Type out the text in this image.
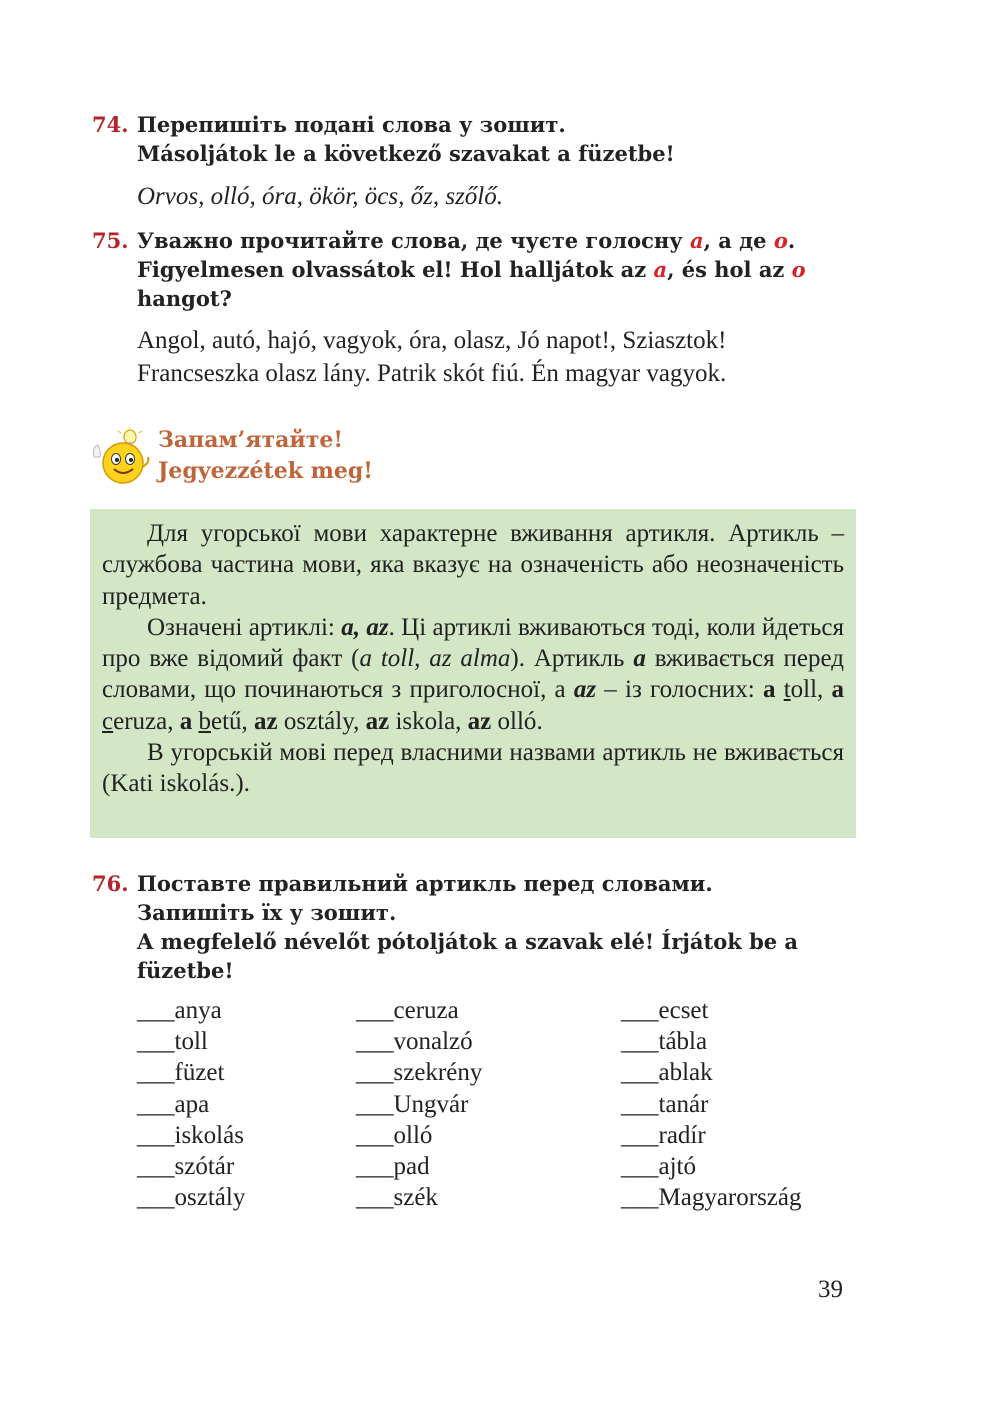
74. Перепишіть подані слова у зошит.
Másoljátok le a következő szavakat a füzetbe!
Orvos, olló, óra, ökör, öcs, őz, szőlő.
75. Уважно прочитайте слова, де чуєте голосну a, а де o.
Figyelmesen olvassátok el! Hol halljátok az a, és hol az o
hangot?
Angol, autó, hajó, vagyok, óra, olasz, Jó napot!, Sziasztok!
Francseszka olasz lány. Patrik skót fiú. Én magyar vagyok.
Запам’ятайте!
Jegyezzétek meg!

Для угорської мови характерне вживання артикля. Артикль – службова частина мови, яка вказує на означеність або неозначеність предмета.

Означені артиклі: a, az. Ці артиклі вживаються тоді, коли йдеться про вже відомий факт (a toll, az alma). Артикль a вживається перед словами, що починаються з приголосної, а az – із голосних: a toll, a ceruza, a betű, az osztály, az iskola, az olló.

В угорській мові перед власними назвами артикль не вживається (Kati iskolás.).

76. Поставте правильний артикль перед словами.
Запишіть їх у зошит.
A megfelelő névelőt pótoljátok a szavak elé! Írjátok be a
füzetbe!
___anya
___toll
___füzet
___apa
___iskolás
___szótár
___osztály
___ceruza
___vonalzó
___szekrény
___Ungvár
___olló
___pad
___szék
___ecset
___tábla
___ablak
___tanár
___radír
___ajtó
___Magyarország
39
